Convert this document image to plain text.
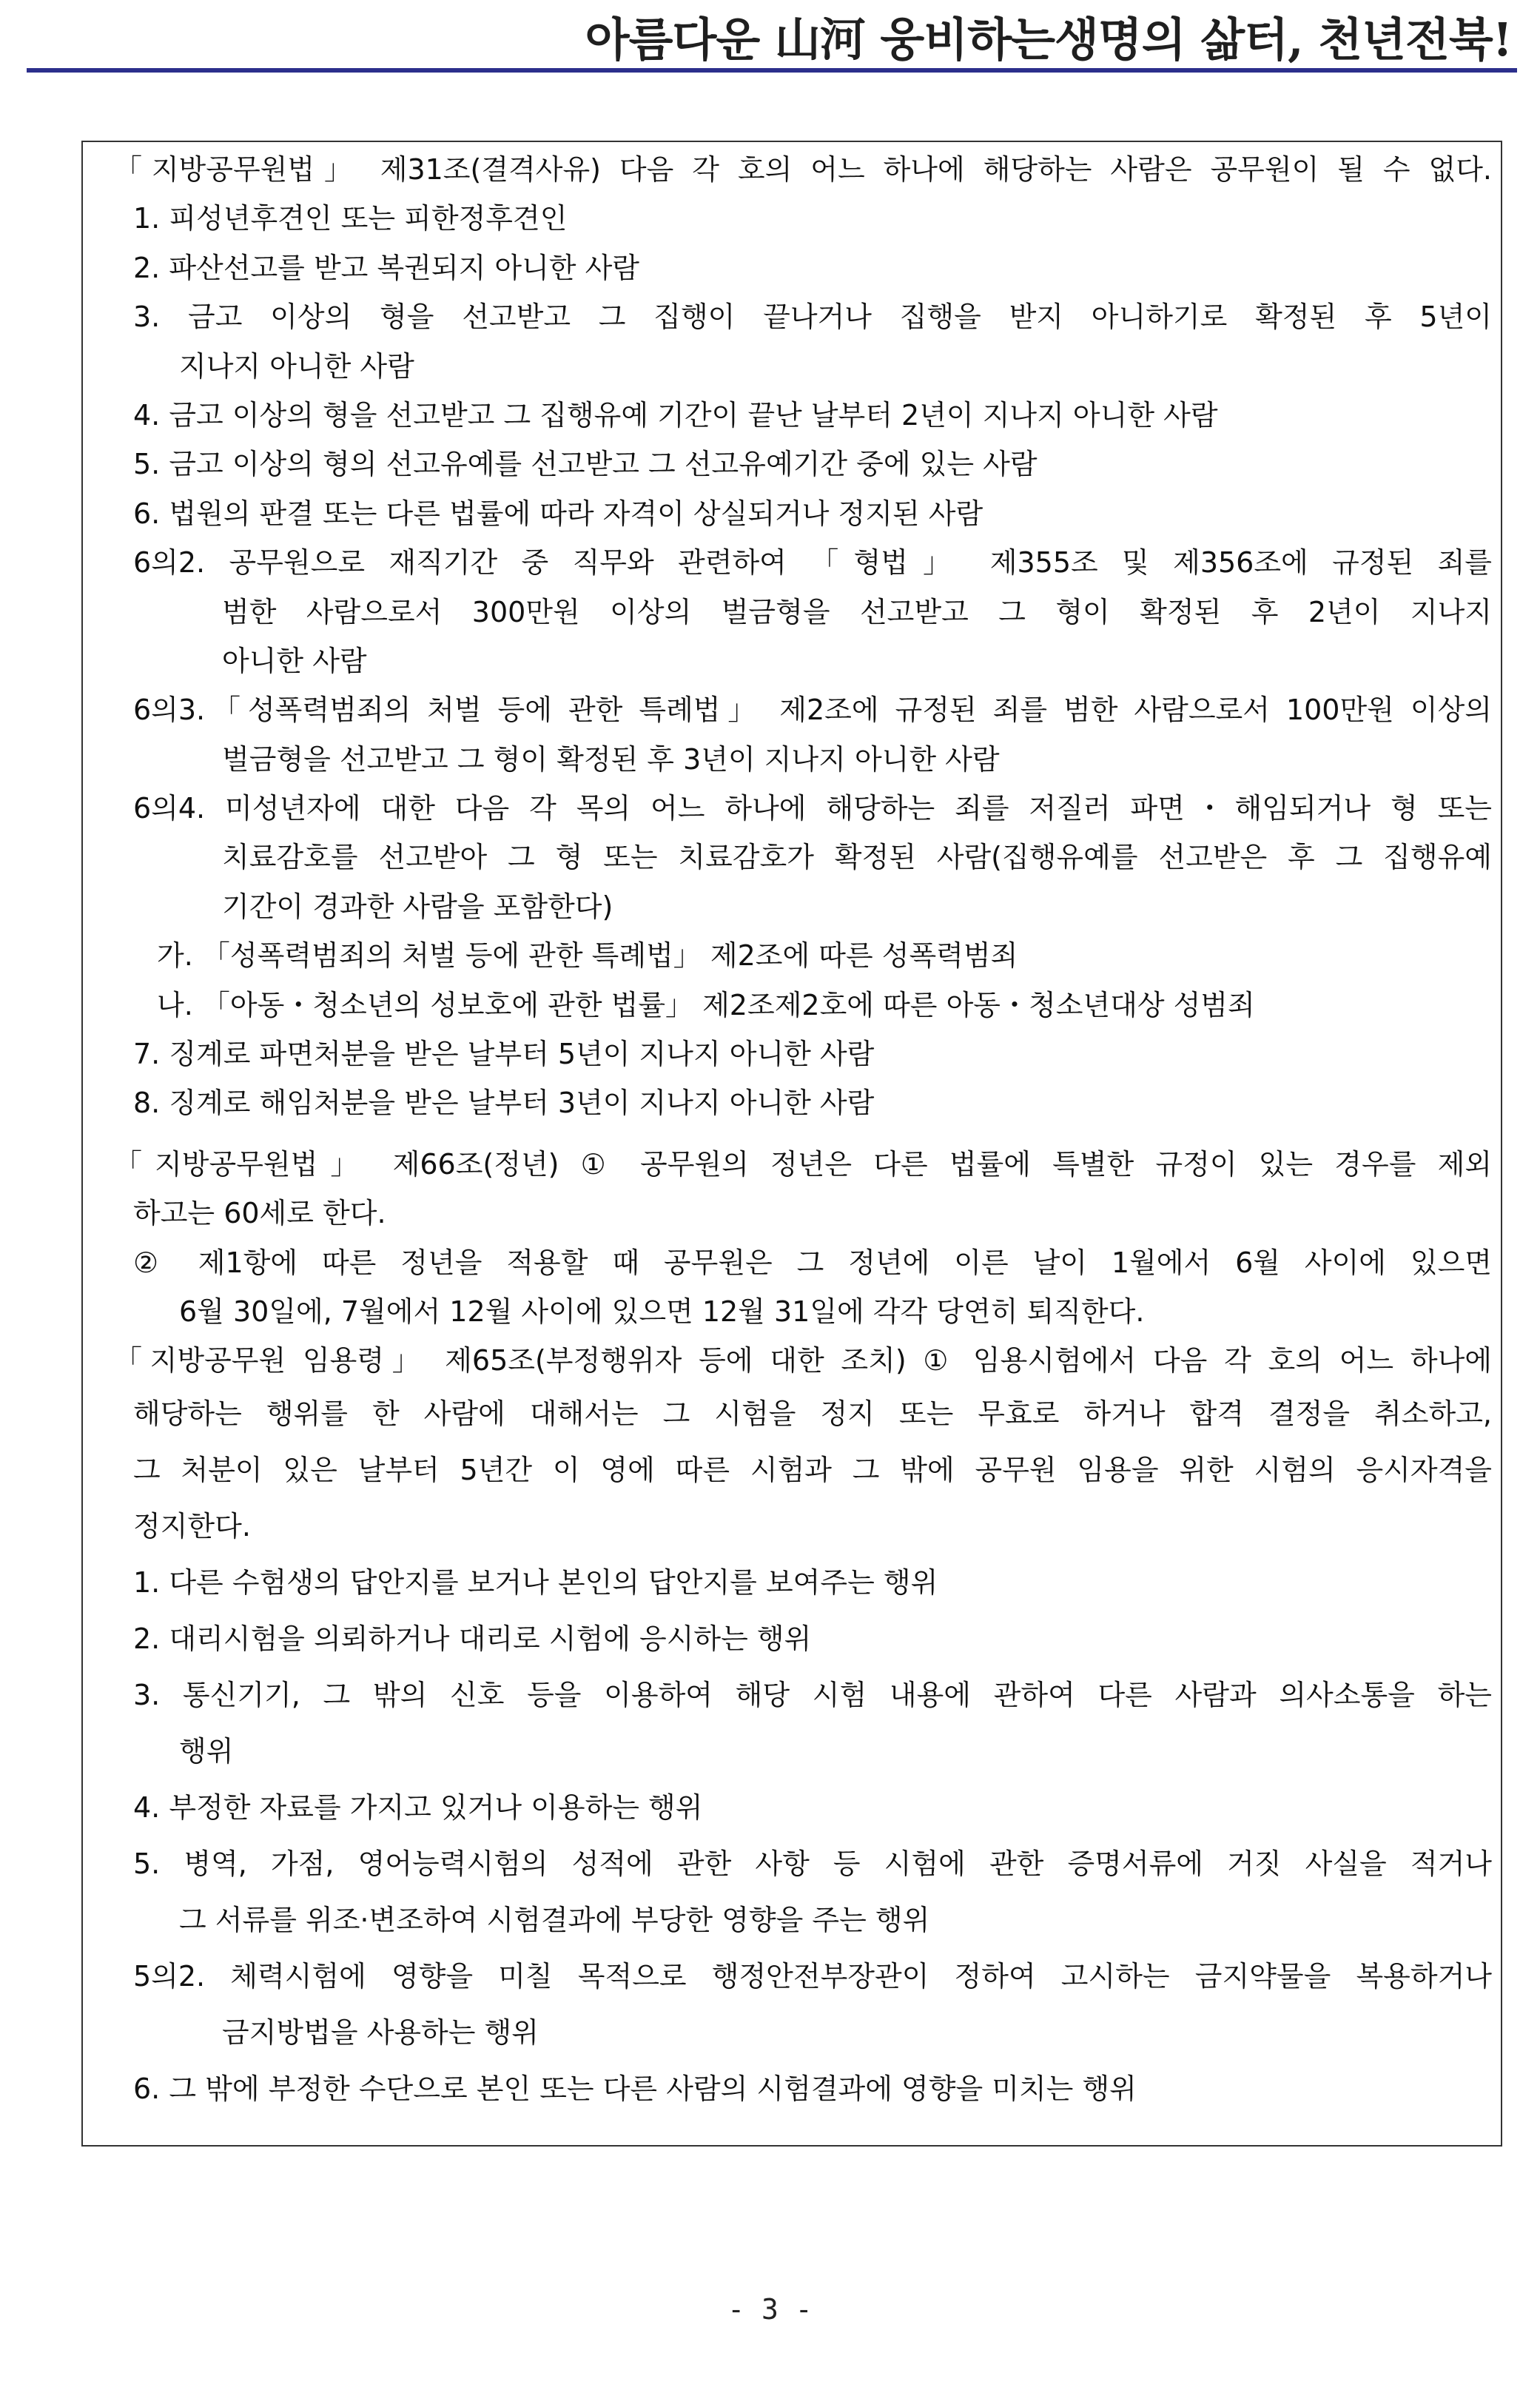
아름다운 山河 웅비하는생명의 삶터, 천년전북!
「지방공무원법」 제31조(결격사유) 다음 각 호의 어느 하나에 해당하는 사람은 공무원이 될 수 없다.
1. 피성년후견인 또는 피한정후견인
2. 파산선고를 받고 복권되지 아니한 사람
3. 금고 이상의 형을 선고받고 그 집행이 끝나거나 집행을 받지 아니하기로 확정된 후 5년이
지나지 아니한 사람
4. 금고 이상의 형을 선고받고 그 집행유예 기간이 끝난 날부터 2년이 지나지 아니한 사람
5. 금고 이상의 형의 선고유예를 선고받고 그 선고유예기간 중에 있는 사람
6. 법원의 판결 또는 다른 법률에 따라 자격이 상실되거나 정지된 사람
6의2. 공무원으로 재직기간 중 직무와 관련하여 「형법」 제355조 및 제356조에 규정된 죄를
범한 사람으로서 300만원 이상의 벌금형을 선고받고 그 형이 확정된 후 2년이 지나지
아니한 사람
6의3.「성폭력범죄의 처벌 등에 관한 특례법」 제2조에 규정된 죄를 범한 사람으로서 100만원 이상의
벌금형을 선고받고 그 형이 확정된 후 3년이 지나지 아니한 사람
6의4. 미성년자에 대한 다음 각 목의 어느 하나에 해당하는 죄를 저질러 파면・해임되거나 형 또는
치료감호를 선고받아 그 형 또는 치료감호가 확정된 사람(집행유예를 선고받은 후 그 집행유예
기간이 경과한 사람을 포함한다)
가. 「성폭력범죄의 처벌 등에 관한 특례법」 제2조에 따른 성폭력범죄
나. 「아동・청소년의 성보호에 관한 법률」 제2조제2호에 따른 아동・청소년대상 성범죄
7. 징계로 파면처분을 받은 날부터 5년이 지나지 아니한 사람
8. 징계로 해임처분을 받은 날부터 3년이 지나지 아니한 사람
「지방공무원법」 제66조(정년) ① 공무원의 정년은 다른 법률에 특별한 규정이 있는 경우를 제외
하고는 60세로 한다.
② 제1항에 따른 정년을 적용할 때 공무원은 그 정년에 이른 날이 1월에서 6월 사이에 있으면
6월 30일에, 7월에서 12월 사이에 있으면 12월 31일에 각각 당연히 퇴직한다.
「지방공무원 임용령」 제65조(부정행위자 등에 대한 조치) ① 임용시험에서 다음 각 호의 어느 하나에
해당하는 행위를 한 사람에 대해서는 그 시험을 정지 또는 무효로 하거나 합격 결정을 취소하고,
그 처분이 있은 날부터 5년간 이 영에 따른 시험과 그 밖에 공무원 임용을 위한 시험의 응시자격을
정지한다.
1. 다른 수험생의 답안지를 보거나 본인의 답안지를 보여주는 행위
2. 대리시험을 의뢰하거나 대리로 시험에 응시하는 행위
3. 통신기기, 그 밖의 신호 등을 이용하여 해당 시험 내용에 관하여 다른 사람과 의사소통을 하는
행위
4. 부정한 자료를 가지고 있거나 이용하는 행위
5. 병역, 가점, 영어능력시험의 성적에 관한 사항 등 시험에 관한 증명서류에 거짓 사실을 적거나
그 서류를 위조·변조하여 시험결과에 부당한 영향을 주는 행위
5의2. 체력시험에 영향을 미칠 목적으로 행정안전부장관이 정하여 고시하는 금지약물을 복용하거나
금지방법을 사용하는 행위
6. 그 밖에 부정한 수단으로 본인 또는 다른 사람의 시험결과에 영향을 미치는 행위
- 3 -
